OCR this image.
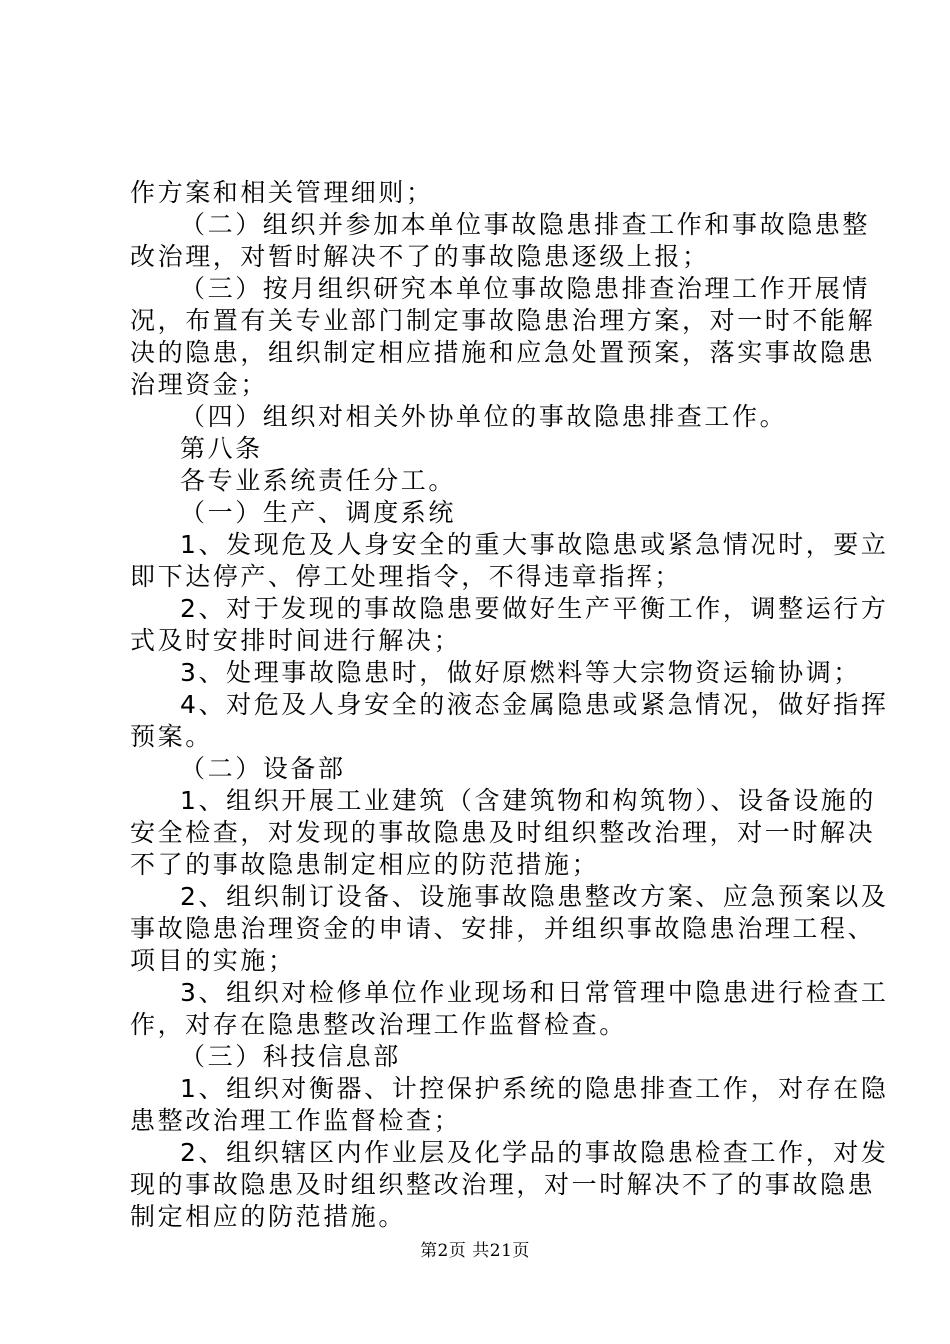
作方案和相关管理细则；
（二）组织并参加本单位事故隐患排查工作和事故隐患整
改治理，对暂时解决不了的事故隐患逐级上报；
（三）按月组织研究本单位事故隐患排查治理工作开展情
况，布置有关专业部门制定事故隐患治理方案，对一时不能解
决的隐患，组织制定相应措施和应急处置预案，落实事故隐患
治理资金；
（四）组织对相关外协单位的事故隐患排查工作。
第八条
各专业系统责任分工。
（一）生产、调度系统
1、发现危及人身安全的重大事故隐患或紧急情况时，要立
即下达停产、停工处理指令，不得违章指挥；
2、对于发现的事故隐患要做好生产平衡工作，调整运行方
式及时安排时间进行解决；
3、处理事故隐患时，做好原燃料等大宗物资运输协调；
4、对危及人身安全的液态金属隐患或紧急情况，做好指挥
预案。
（二）设备部
1、组织开展工业建筑（含建筑物和构筑物）、设备设施的
安全检查，对发现的事故隐患及时组织整改治理，对一时解决
不了的事故隐患制定相应的防范措施；
2、组织制订设备、设施事故隐患整改方案、应急预案以及
事故隐患治理资金的申请、安排，并组织事故隐患治理工程、
项目的实施；
3、组织对检修单位作业现场和日常管理中隐患进行检查工
作，对存在隐患整改治理工作监督检查。
（三）科技信息部
1、组织对衡器、计控保护系统的隐患排查工作，对存在隐
患整改治理工作监督检查；
2、组织辖区内作业层及化学品的事故隐患检查工作，对发
现的事故隐患及时组织整改治理，对一时解决不了的事故隐患
制定相应的防范措施。
第2页 共21页
